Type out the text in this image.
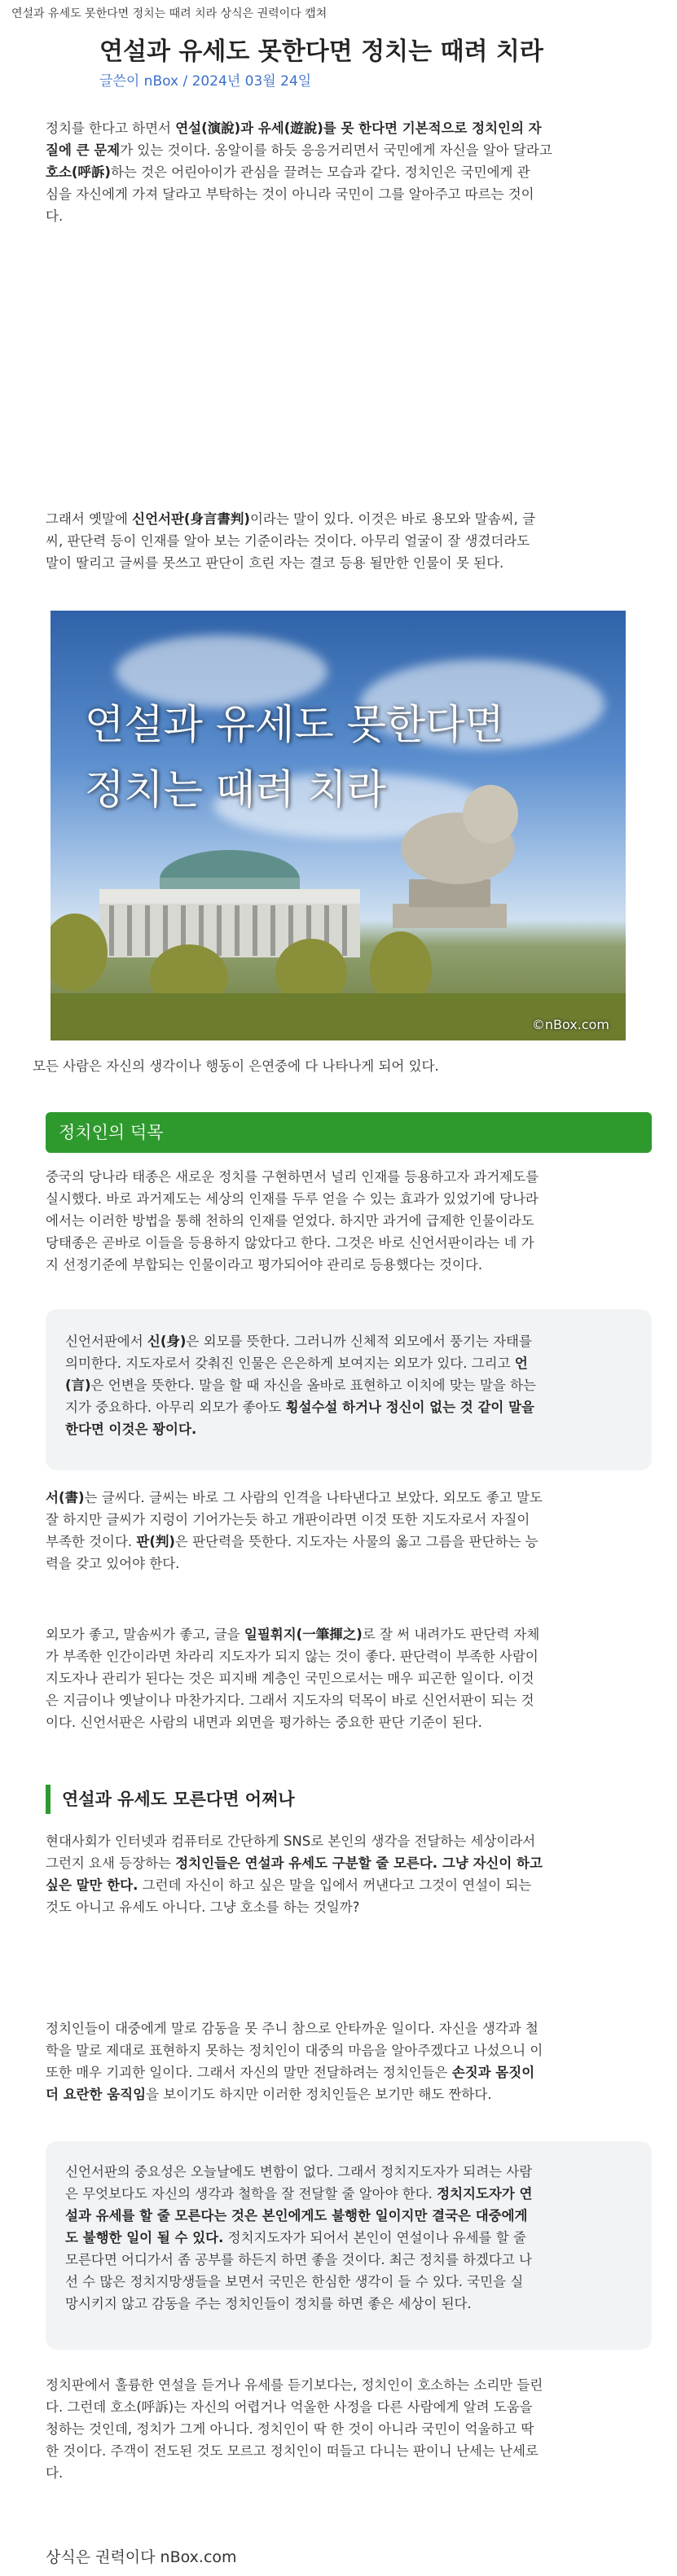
연설과 유세도 못한다면 정치는 때려 치라 상식은 권력이다 캡쳐
연설과 유세도 못한다면 정치는 때려 치라
글쓴이 nBox / 2024년 03월 24일
정치를 한다고 하면서 연설(演說)과 유세(遊說)를 못 한다면 기본적으로 정치인의 자
질에 큰 문제가 있는 것이다. 옹알이를 하듯 응응거리면서 국민에게 자신을 알아 달라고
호소(呼訴)하는 것은 어린아이가 관심을 끌려는 모습과 같다. 정치인은 국민에게 관
심을 자신에게 가져 달라고 부탁하는 것이 아니라 국민이 그를 알아주고 따르는 것이
다.
그래서 옛말에 신언서판(身言書判)이라는 말이 있다. 이것은 바로 용모와 말솜씨, 글
씨, 판단력 등이 인재를 알아 보는 기준이라는 것이다. 아무리 얼굴이 잘 생겼더라도
말이 딸리고 글씨를 못쓰고 판단이 흐린 자는 결코 등용 될만한 인물이 못 된다.
연설과 유세도 못한다면
정치는 때려 치라
©nBox.com
모든 사람은 자신의 생각이나 행동이 은연중에 다 나타나게 되어 있다.
정치인의 덕목
중국의 당나라 태종은 새로운 정치를 구현하면서 널리 인재를 등용하고자 과거제도를
실시했다. 바로 과거제도는 세상의 인재를 두루 얻을 수 있는 효과가 있었기에 당나라
에서는 이러한 방법을 통해 천하의 인재를 얻었다. 하지만 과거에 급제한 인물이라도
당태종은 곧바로 이들을 등용하지 않았다고 한다. 그것은 바로 신언서판이라는 네 가
지 선정기준에 부합되는 인물이라고 평가되어야 관리로 등용했다는 것이다.
신언서판에서 신(身)은 외모를 뜻한다. 그러니까 신체적 외모에서 풍기는 자태를
의미한다. 지도자로서 갖춰진 인물은 은은하게 보여지는 외모가 있다. 그리고 언
(言)은 언변을 뜻한다. 말을 할 때 자신을 올바로 표현하고 이치에 맞는 말을 하는
지가 중요하다. 아무리 외모가 좋아도 횡설수설 하거나 정신이 없는 것 같이 말을
한다면 이것은 꽝이다.
서(書)는 글씨다. 글씨는 바로 그 사람의 인격을 나타낸다고 보았다. 외모도 좋고 말도
잘 하지만 글씨가 지렁이 기어가는듯 하고 개판이라면 이것 또한 지도자로서 자질이
부족한 것이다. 판(判)은 판단력을 뜻한다. 지도자는 사물의 옳고 그름을 판단하는 능
력을 갖고 있어야 한다.
외모가 좋고, 말솜씨가 좋고, 글을 일필휘지(一筆揮之)로 잘 써 내려가도 판단력 자체
가 부족한 인간이라면 차라리 지도자가 되지 않는 것이 좋다. 판단력이 부족한 사람이
지도자나 관리가 된다는 것은 피지배 계층인 국민으로서는 매우 피곤한 일이다. 이것
은 지금이나 옛날이나 마찬가지다. 그래서 지도자의 덕목이 바로 신언서판이 되는 것
이다. 신언서판은 사람의 내면과 외면을 평가하는 중요한 판단 기준이 된다.
연설과 유세도 모른다면 어쩌나
현대사회가 인터넷과 컴퓨터로 간단하게 SNS로 본인의 생각을 전달하는 세상이라서
그런지 요새 등장하는 정치인들은 연설과 유세도 구분할 줄 모른다. 그냥 자신이 하고
싶은 말만 한다. 그런데 자신이 하고 싶은 말을 입에서 꺼낸다고 그것이 연설이 되는
것도 아니고 유세도 아니다. 그냥 호소를 하는 것일까?
정치인들이 대중에게 말로 감동을 못 주니 참으로 안타까운 일이다. 자신을 생각과 철
학을 말로 제대로 표현하지 못하는 정치인이 대중의 마음을 알아주겠다고 나섰으니 이
또한 매우 기괴한 일이다. 그래서 자신의 말만 전달하려는 정치인들은 손짓과 몸짓이
더 요란한 움직임을 보이기도 하지만 이러한 정치인들은 보기만 해도 짠하다.
신언서판의 중요성은 오늘날에도 변함이 없다. 그래서 정치지도자가 되려는 사람
은 무엇보다도 자신의 생각과 철학을 잘 전달할 줄 알아야 한다. 정치지도자가 연
설과 유세를 할 줄 모른다는 것은 본인에게도 불행한 일이지만 결국은 대중에게
도 불행한 일이 될 수 있다. 정치지도자가 되어서 본인이 연설이나 유세를 할 줄
모른다면 어디가서 좀 공부를 하든지 하면 좋을 것이다. 최근 정치를 하겠다고 나
선 수 많은 정치지망생들을 보면서 국민은 한심한 생각이 들 수 있다. 국민을 실
망시키지 않고 감동을 주는 정치인들이 정치를 하면 좋은 세상이 된다.
정치판에서 훌륭한 연설을 듣거나 유세를 듣기보다는, 정치인이 호소하는 소리만 들린
다. 그런데 호소(呼訴)는 자신의 어렵거나 억울한 사정을 다른 사람에게 알려 도움을
청하는 것인데, 정치가 그게 아니다. 정치인이 딱 한 것이 아니라 국민이 억울하고 딱
한 것이다. 주객이 전도된 것도 모르고 정치인이 떠들고 다니는 판이니 난세는 난세로
다.
상식은 권력이다 nBox.com
